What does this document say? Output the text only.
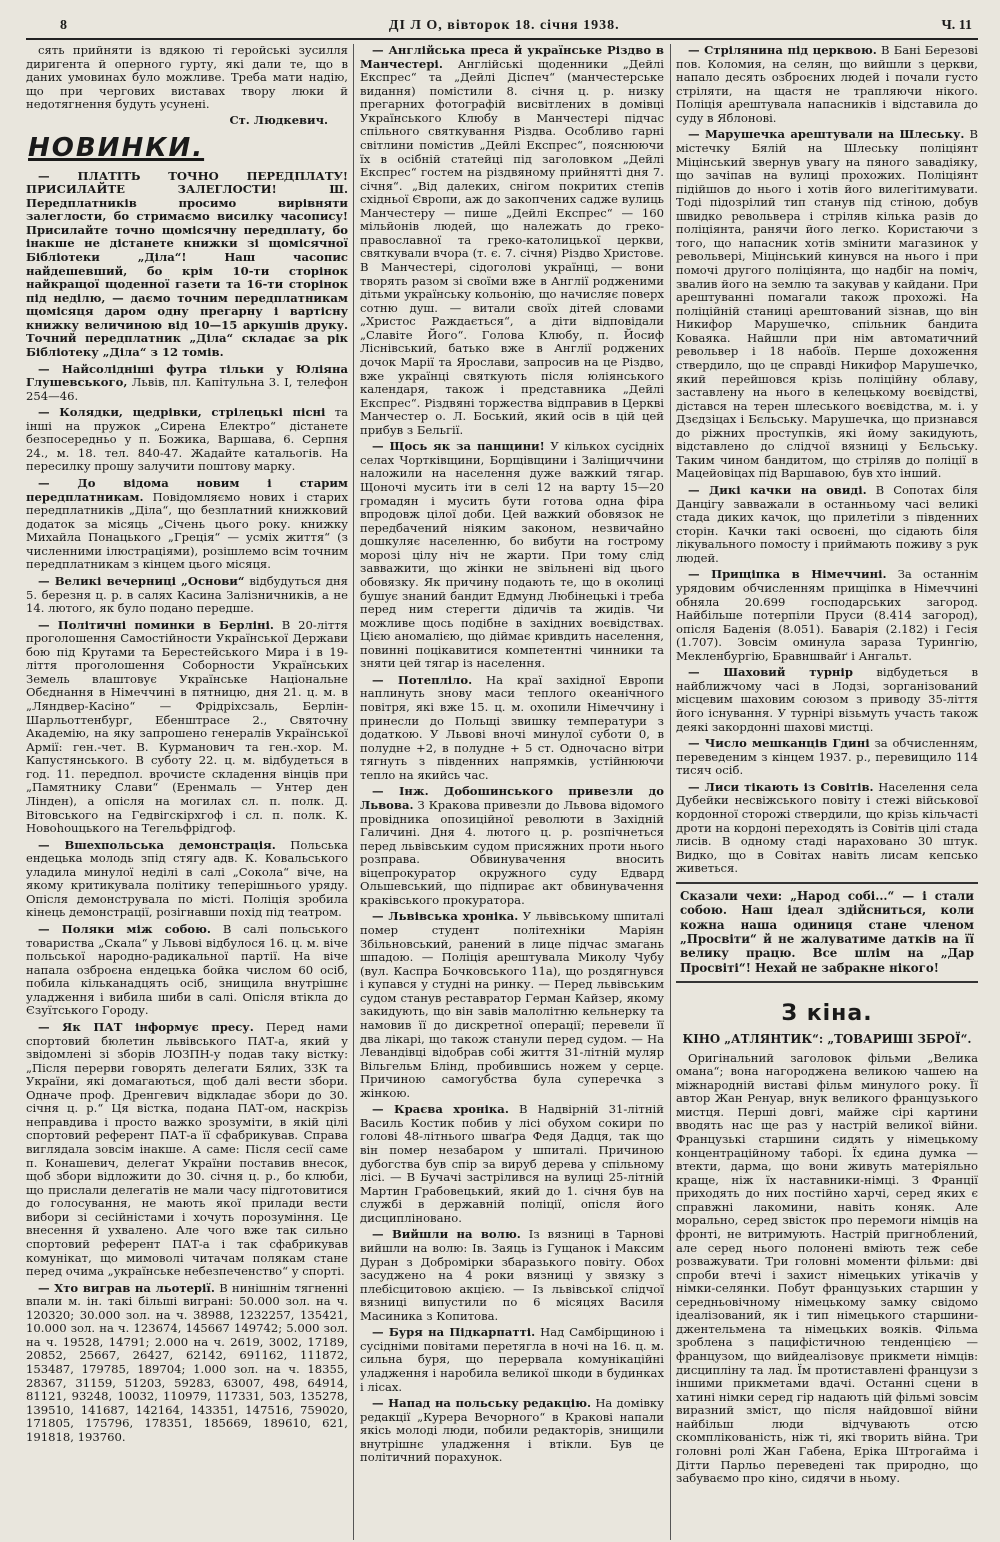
8	ДІ Л О, вівторок 18. січня 1938.	Ч. 11

сять прийняти із вдякою ті геройські зусилля диригента й оперного гурту, які дали те, що в даних умовинах було можливе. Треба мати надію, що при чергових виставах твору люки й недотягнення будуть усунені.

Ст. Людкевич.
НОВИНКИ.

— ПЛАТІТЬ ТОЧНО ПЕРЕДПЛАТУ! ПРИСИЛАЙТЕ ЗАЛЕГЛОСТИ! Ш. Передплатників просимо вирівняти залеглости, бо стримаємо висилку часопису! Присилайте точно щомісячну передплату, бо інакше не дістанете книжки зі щомісячної Бібліотеки „Діла“! Наш часопис найдешевший, бо крім 10-ти сторінок найкращої щоденної газети та 16-ти сторінок під неділю, — даємо точним передплатникам щомісяця даром одну прегарну і вартісну книжку величиною від 10—15 аркушів друку. Точний передплатник „Діла“ складає за рік Бібліотеку „Діла“ з 12 томів.

— Найсолідніші футра тільки у Юліяна Глушевського, Львів, пл. Капітульна 3. І, телефон 254—46.

— Колядки, щедрівки, стрілецькі пісні та інші на пружок „Сирена Електро“ дістанете безпосередньо у п. Божика, Варшава, 6. Серпня 24., м. 18. тел. 840-47. Жадайте катальогів. На пересилку прошу залучити поштову марку.

— До відома новим і старим передплатникам. Повідомляємо нових і старих передплатників „Діла“, що безплатний книжковий додаток за місяць „Січень цього року. книжку Михайла Понацького „Греція“ — усміх життя“ (з численними ілюстраціями), розішлемо всім точним передплатникам з кінцем цього місяця.

— Великі вечерниці „Основи“ відбудуться дня 5. березня ц. р. в салях Касина Залізничників, а не 14. лютого, як було подано передше.

— Політичні поминки в Берліні. В 20-ліття проголошення Самостійности Української Держави бою під Крутами та Берестейського Мира і в 19-ліття проголошення Соборности Українських Земель влаштовує Українське Національне Обєднання в Німеччині в пятницю, дня 21. ц. м. в „Ляндвер-Касіно“ — Фрідріхсзаль, Берлін-Шарльоттенбург, Ебенштрасе 2., Святочну Академію, на яку запрошено генералів Української Армії: ген.-чет. В. Курманович та ген.-хор. М. Капустянського. В суботу 22. ц. м. відбудеться в год. 11. передпол. врочисте складення вінців при „Памятнику Слави“ (Еренмаль — Унтер ден Лінден), а опісля на могилах сл. п. полк. Д. Вітовського на Гедвігскірхгоф і сл. п. полк. К. Новоhouцького на Тегельфрідгоф.

— Вшехпольська демонстрація. Польська ендецька молодь зпід стягу адв. К. Ковальського уладила минулої неділі в салі „Сокола“ віче, на якому критикувала політику теперішнього уряду. Опісля демонструвала по місті. Поліція зробила кінець демонстрації, розігнавши похід під театром.

— Поляки між собою. В салі польського товариства „Скала“ у Львові відбулося 16. ц. м. віче польської народно-радикальної партії. На віче напала озброєна ендецька бойка числом 60 осіб, побила кільканадцять осіб, знищила внутрішнє уладження і вибила шиби в салі. Опісля втікла до Єзуїтського Городу.

— Як ПАТ інформує пресу. Перед нами спортовий бюлетин львівського ПАТ-а, який у звідомлені зі зборів ЛОЗПН-у подав таку вістку: „Після перерви говорять делегати Бялих, ЗЗК та України, які домагаються, щоб далі вести збори. Одначе проф. Дренгевич відкладає збори до 30. січня ц. р.“ Ця вістка, подана ПАТ-ом, наскрізь неправдива і просто важко зрозуміти, в якій цілі спортовий референт ПАТ-а її сфабрикував. Справа виглядала зовсім інакше. А саме: Після сесії саме п. Конашевич, делегат України поставив внесок, щоб збори відложити до 30. січня ц. р., бо клюби, що прислали делегатів не мали часу підготовитися до голосування, не мають якої прилади вести вибори зі сесійністами і хочуть порозуміння. Це внесення й ухвалено. Але чого вже так сильно спортовий референт ПАТ-а і так сфабрикував комунікат, що мимоволі читачам полякам стане перед очима „українське небезпеченство“ у спорті.

— Хто виграв на льотерії. В нинішнім тягненні впали м. ін. такі більші виграні: 50.000 зол. на ч. 120320; 30.000 зол. на ч. 38988, 1232257, 135421, 10.000 зол. на ч. 123674, 145667 149742; 5.000 зол. на ч. 19528, 14791; 2.000 на ч. 2619, 3002, 17189, 20852, 25667, 26427, 62142, 691162, 111872, 153487, 179785, 189704; 1.000 зол. на ч. 18355, 28367, 31159, 51203, 59283, 63007, 498, 64914, 81121, 93248, 10032, 110979, 117331, 503, 135278, 139510, 141687, 142164, 143351, 147516, 759020, 171805, 175796, 178351, 185669, 189610, 621, 191818, 193760.

— Англійська преса й українське Різдво в Манчестері. Англійські щоденники „Дейлі Експрес“ та „Дейлі Діспеч“ (манчестерське видання) помістили 8. січня ц. р. низку прегарних фотографій висвітлених в домівці Українського Клюбу в Манчестері підчас спільного святкування Різдва. Особливо гарні світлини помістив „Дейлі Експрес“, пояснюючи їх в осібній статейці під заголовком „Дейлі Експрес“ гостем на різдвяному прийнятті дня 7. січня“. „Від далеких, снігом покритих степів східньої Європи, аж до закопчених садже вулиць Манчестеру — пише „Дейлі Експрес“ — 160 мільйонів людей, що належать до греко-православної та греко-католицької церкви, святкували вчора (т. є. 7. січня) Різдво Христове. В Манчестері, сідоголові українці, — вони творять разом зі своїми вже в Англії родженими дітьми українську кольонію, що начисляє поверх сотню душ. — витали своїх дітей словами „Христос Раждається“, а діти відповідали „Славіте Його“. Голова Клюбу, п. Йосиф Ліснівський, батько вже в Англії роджених дочок Марії та Ярослави, запросив на це Різдво, вже українці святкують після юліянського календаря, також і представника „Дейлі Експрес“. Різдвяні торжества відправив в Церкві Манчестер о. Л. Боський, який осів в цій цей прибув з Бельгії.

— Щось як за панщини! У кількох сусідніх селах Чортківщини, Борщівщини і Заліщиччини наложили на населення дуже важкий тягар. Щоночі мусить іти в селі 12 на варту 15—20 громадян і мусить бути готова одна фіра впродовж цілої доби. Цей важкий обовязок не передбачений ніяким законом, незвичайно дошкуляє населенню, бо вибути на гострому морозі цілу ніч не жарти. При тому слід завважити, що жінки не звільнені від цього обовязку. Як причину подають те, що в околиці бушує знаний бандит Едмунд Любінецькі і треба перед ним стерегти дідичів та жидів. Чи можливе щось подібне в західних воєвідствах. Цією аномалією, що діймає кривдить населення, повинні поцікавитися компетентні чинники та зняти цей тягар із населення.

— Потепліло. На краї західної Европи наплинуть знову маси теплого океанічного повітря, які вже 15. ц. м. охопили Німеччину і принесли до Польщі звишку температури з додаткою. У Львові вночі минулої суботи 0, в полудне +2, в полудне + 5 ст. Одночасно вітри тягнуть з південних напрямків, устійнюючи тепло на якийсь час.

— Інж. Добошинського привезли до Львова. З Кракова привезли до Львова відомого провідника опозиційної революти в Західній Галичині. Дня 4. лютого ц. р. розпічнеться перед львівським судом присяжних проти нього розправа. Обвинувачення вносить віцепрокуратор окружного суду Едвард Ольшевський, що підпирає акт обвинувачення краківського прокуратора.

— Львівська хроніка. У львівському шпиталі помер студент політехніки Маріян Збільновський, ранений в лице підчас змагань шпадою. — Поліція арештувала Миколу Чубу (вул. Каспра Бочковського 11а), що роздягнувся і купався у студні на ринку. — Перед львівським судом станув реставратор Герман Кайзер, якому закидують, що він завів малолітню кельнерку та намовив її до дискретної операції; перевели її два лікарі, що також станули перед судом. — На Левандівці відобрав собі життя 31-літній муляр Вільгельм Блінд, пробившись ножем у серце. Причиною самогубства була суперечка з жінкою.

— Краєва хроніка. В Надвірній 31-літній Василь Костик побив у лісі обухом сокири по голові 48-літнього шваґра Федя Дадця, так що він помер незабаром у шпиталі. Причиною дубогства був спір за вируб дерева у спільному лісі. — В Бучачі застрілився на вулиці 25-літній Мартин Грабовецький, який до 1. січня був на службі в державній поліції, опісля його дисципліновано.

— Вийшли на волю. Із вязниці в Тарнові вийшли на волю: Ів. Заяць із Гущанок і Максим Дуран з Добромірки збаразького повіту. Обох засуджено на 4 роки вязниці у звязку з плебісцитовою акцією. — Із львівської слідчої вязниці випустили по 6 місяцях Василя Масиника з Копитова.

— Буря на Підкарпатті. Над Самбірщиною і сусідніми повітами перетягла в ночі на 16. ц. м. сильна буря, що перервала комунікаційні уладження і наробила великої шкоди в будинках і лісах.

— Напад на польську редакцію. На домівку редакції „Курера Вечорного“ в Кракові напали якісь молоді люди, побили редакторів, знищили внутрішнє уладження і втікли. Був це політичний порахунок.

— Стрілянина під церквою. В Бані Березові пов. Коломия, на селян, що вийшли з церкви, напало десять озброєних людей і почали густо стріляти, на щастя не трапляючи нікого. Поліція арештувала напасників і відставила до суду в Яблонові.

— Марушечка арештували на Шлеську. В містечку Бялій на Шлеську поліціянт Міцінський звернув увагу на пяного завадіяку, що зачіпав на вулиці прохожих. Поліціянт підійшов до нього і хотів його вилегітимувати. Тоді підозрілий тип станув під стіною, добув швидко револьвера і стріляв кілька разів до поліціянта, ранячи його легко. Користаючи з того, що напасник хотів змінити магазинок у револьвері, Міцінський кинувся на нього і при помочі другого поліціянта, що надбіг на поміч, звалив його на землю та закував у кайдани. При арештуванні помагали також прохожі. На поліційній станиці арештований зізнав, що він Никифор Марушечко, спільник бандита Коваяка. Найшли при нім автоматичний револьвер і 18 набоїв. Перше дохоження ствердило, що це справді Никифор Марушечко, який перейшовся крізь поліційну облаву, заставлену на нього в келецькому воєвідстві, дістався на терен шлеського воєвідства, м. і. у Дзєдзіцах і Бєльську. Марушечка, що признався до ріжних проступків, які йому закидують, відставлено до слідчої вязниці у Бєльську. Таким чином бандитом, що стріляв до поліції в Мацейовіцах під Варшавою, був хто інший.

— Дикі качки на овиді. В Сопотах біля Данцігу завважали в останньому часі великі стада диких качок, що прилетіли з південних сторін. Качки такі освоєні, що сідають біля лікувального помосту і приймають поживу з рук людей.

— Прищіпка в Німеччині. За останнім урядовим обчисленням прищіпка в Німеччині обняла 20.699 господарських загород. Найбільше потерпіли Пруси (8.414 загород), опісля Баденія (8.051). Баварія (2.182) і Гесія (1.707). Зовсім оминула зараза Турингію, Мекленбургію, Бравншвайґ і Ангальт.

— Шаховий турнір відбудеться в найближчому часі в Лодзі, зорганізований місцевим шаховим союзом з приводу 35-ліття його існування. У турнірі візьмуть участь також деякі закордонні шахові мистці.

— Число мешканців Гдині за обчисленням, переведеним з кінцем 1937. р., перевищило 114 тисяч осіб.

— Лиси тікають із Совітів. Населення села Дубейки несвіжського повіту і стежі військової кордонної сторожі ствердили, що крізь кільчасті дроти на кордоні переходять із Совітів цілі стада лисів. В одному стаді нараховано 30 штук. Видко, що в Совітах навіть лисам кепсько живеться.

Сказали чехи: „Народ собі...“ — і стали собою. Наш ідеал здійсниться, коли кожна наша одиниця стане членом „Просвіти“ й не жалуватиме датків на її велику працю. Все шлім на „Дар Просвіті“! Нехай не забракне нікого!
З кіна.
КІНО „АТЛЯНТИК“: „ТОВАРИШІ ЗБРОЇ“.

Оригінальний заголовок фільми „Велика омана“; вона нагороджена великою чашею на міжнародній виставі фільм минулого року. Її автор Жан Ренуар, внук великого французького мистця. Перші довгі, майже сірі картини вводять нас ще раз у настрій великої війни. Французькі старшини сидять у німецькому концентраційному таборі. Їх єдина думка — втекти, дарма, що вони живуть матеріяльно краще, ніж їх наставники-німці. З Франції приходять до них постійно харчі, серед яких є справжні лакомини, навіть коняк. Але морально, серед звісток про перемоги німців на фронті, не витримують. Настрій пригноблений, але серед нього полонені вміють теж себе розважувати. Три головні моменти фільми: дві спроби втечі і захист німецьких утікачів у німки-селянки. Побут французьких старшин у середньовічному німецькому замку свідомо ідеалізований, як і тип німецького старшини-джентельмена та німецьких вояків. Фільма зроблена з пацифістичною тенденцією — французом, що вийдеалізовує прикмети німців: дисципліну та лад. Їм протиставлені французи з іншими прикметами вдачі. Останні сцени в хатині німки серед гір надають цій фільмі зовсім виразний зміст, що після найдовшої війни найбільш люди відчувають отсю скомплікованість, ніж ті, які творить війна. Три головні ролі Жан Габена, Еріка Штрогайма і Дітти Парльо переведені так природно, що забуваємо про кіно, сидячи в ньому.
